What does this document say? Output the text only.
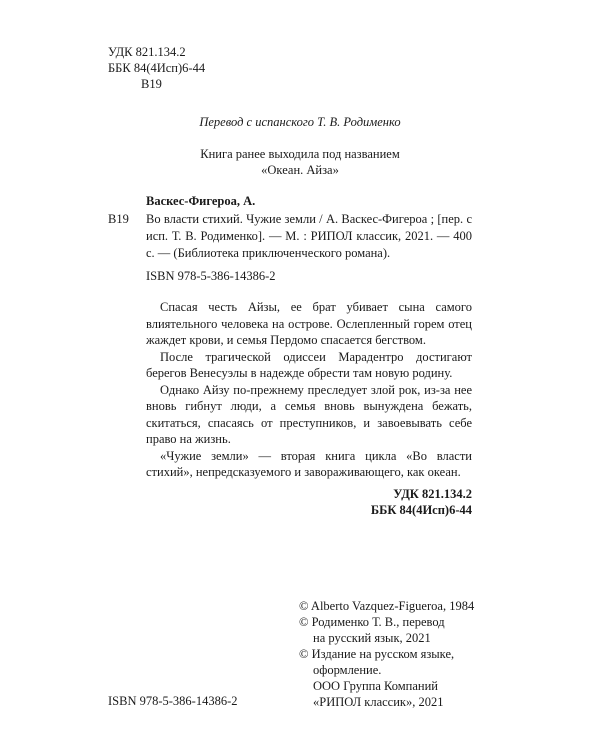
УДК 821.134.2
ББК 84(4Исп)6-44
В19
Перевод с испанского Т. В. Родименко
Книга ранее выходила под названием
«Океан. Айза»
Васкес-Фигероа, А.
В19 Во власти стихий. Чужие земли / А. Васкес-Фигероа ; [пер. с исп. Т. В. Родименко]. — М. : РИПОЛ классик, 2021. — 400 с. — (Библиотека приключенческого романа).
ISBN 978-5-386-14386-2

Спасая честь Айзы, ее брат убивает сына самого влиятельного человека на острове. Ослепленный горем отец жаждет крови, и семья Пердомо спасается бегством.

После трагической одиссеи Марадентро достигают берегов Венесуэлы в надежде обрести там новую родину.

Однако Айзу по-прежнему преследует злой рок, из-за нее вновь гибнут люди, а семья вновь вынуждена бежать, скитаться, спасаясь от преступников, и завоевывать себе право на жизнь.

«Чужие земли» — вторая книга цикла «Во власти стихий», непредсказуемого и завораживающего, как океан.

УДК 821.134.2
ББК 84(4Исп)6-44
ISBN 978-5-386-14386-2
© Alberto Vazquez-Figueroa, 1984
© Родименко Т. В., перевод
на русский язык, 2021
© Издание на русском языке,
оформление.
ООО Группа Компаний
«РИПОЛ классик», 2021
